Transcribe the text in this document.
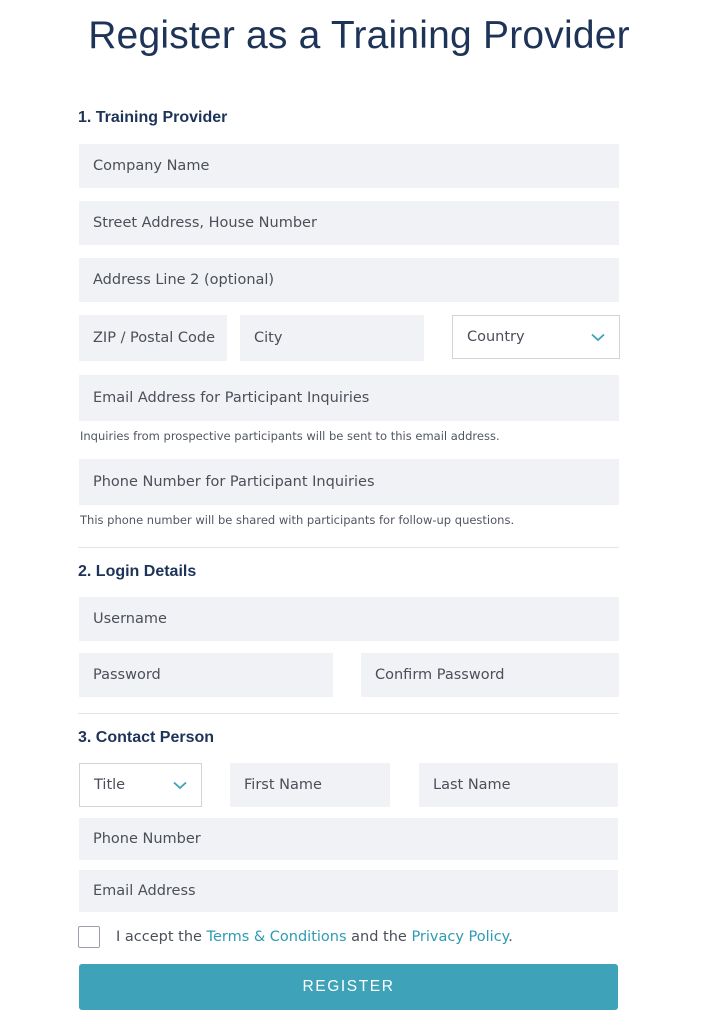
Register as a Training Provider
1. Training Provider
Company Name
Street Address, House Number
Address Line 2 (optional)
ZIP / Postal Code	City	Country
Email Address for Participant Inquiries
Inquiries from prospective participants will be sent to this email address.
Phone Number for Participant Inquiries
This phone number will be shared with participants for follow-up questions.
2. Login Details
Username
Password	Confirm Password
3. Contact Person
Title	First Name	Last Name
Phone Number
Email Address
I accept the Terms & Conditions and the Privacy Policy.
REGISTER
